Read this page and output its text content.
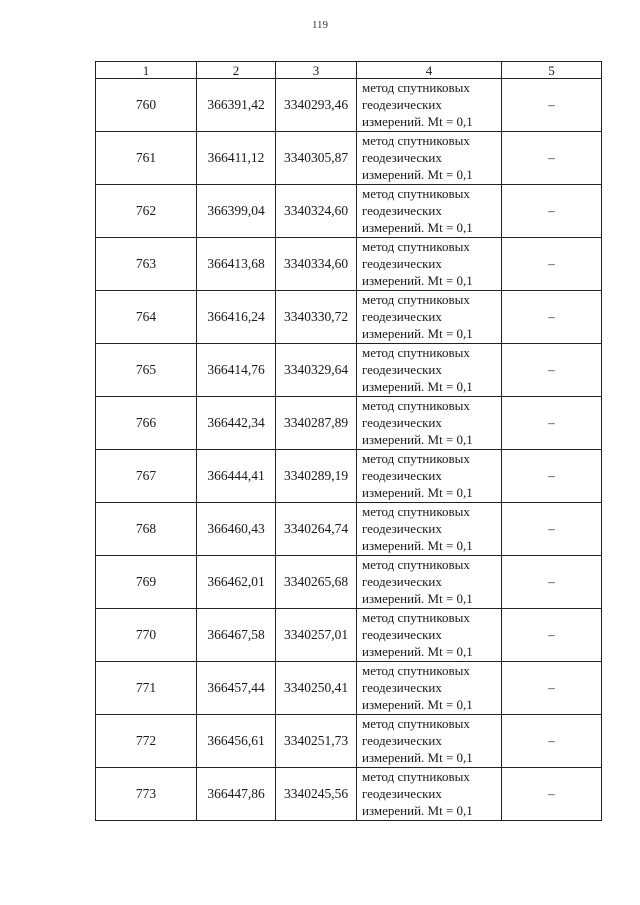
119
1	2	3	4	5
760	366391,42	3340293,46	метод спутниковых
геодезических
измерений. Mt = 0,1	–
761	366411,12	3340305,87	метод спутниковых
геодезических
измерений. Mt = 0,1	–
762	366399,04	3340324,60	метод спутниковых
геодезических
измерений. Mt = 0,1	–
763	366413,68	3340334,60	метод спутниковых
геодезических
измерений. Mt = 0,1	–
764	366416,24	3340330,72	метод спутниковых
геодезических
измерений. Mt = 0,1	–
765	366414,76	3340329,64	метод спутниковых
геодезических
измерений. Mt = 0,1	–
766	366442,34	3340287,89	метод спутниковых
геодезических
измерений. Mt = 0,1	–
767	366444,41	3340289,19	метод спутниковых
геодезических
измерений. Mt = 0,1	–
768	366460,43	3340264,74	метод спутниковых
геодезических
измерений. Mt = 0,1	–
769	366462,01	3340265,68	метод спутниковых
геодезических
измерений. Mt = 0,1	–
770	366467,58	3340257,01	метод спутниковых
геодезических
измерений. Mt = 0,1	–
771	366457,44	3340250,41	метод спутниковых
геодезических
измерений. Mt = 0,1	–
772	366456,61	3340251,73	метод спутниковых
геодезических
измерений. Mt = 0,1	–
773	366447,86	3340245,56	метод спутниковых
геодезических
измерений. Mt = 0,1	–
